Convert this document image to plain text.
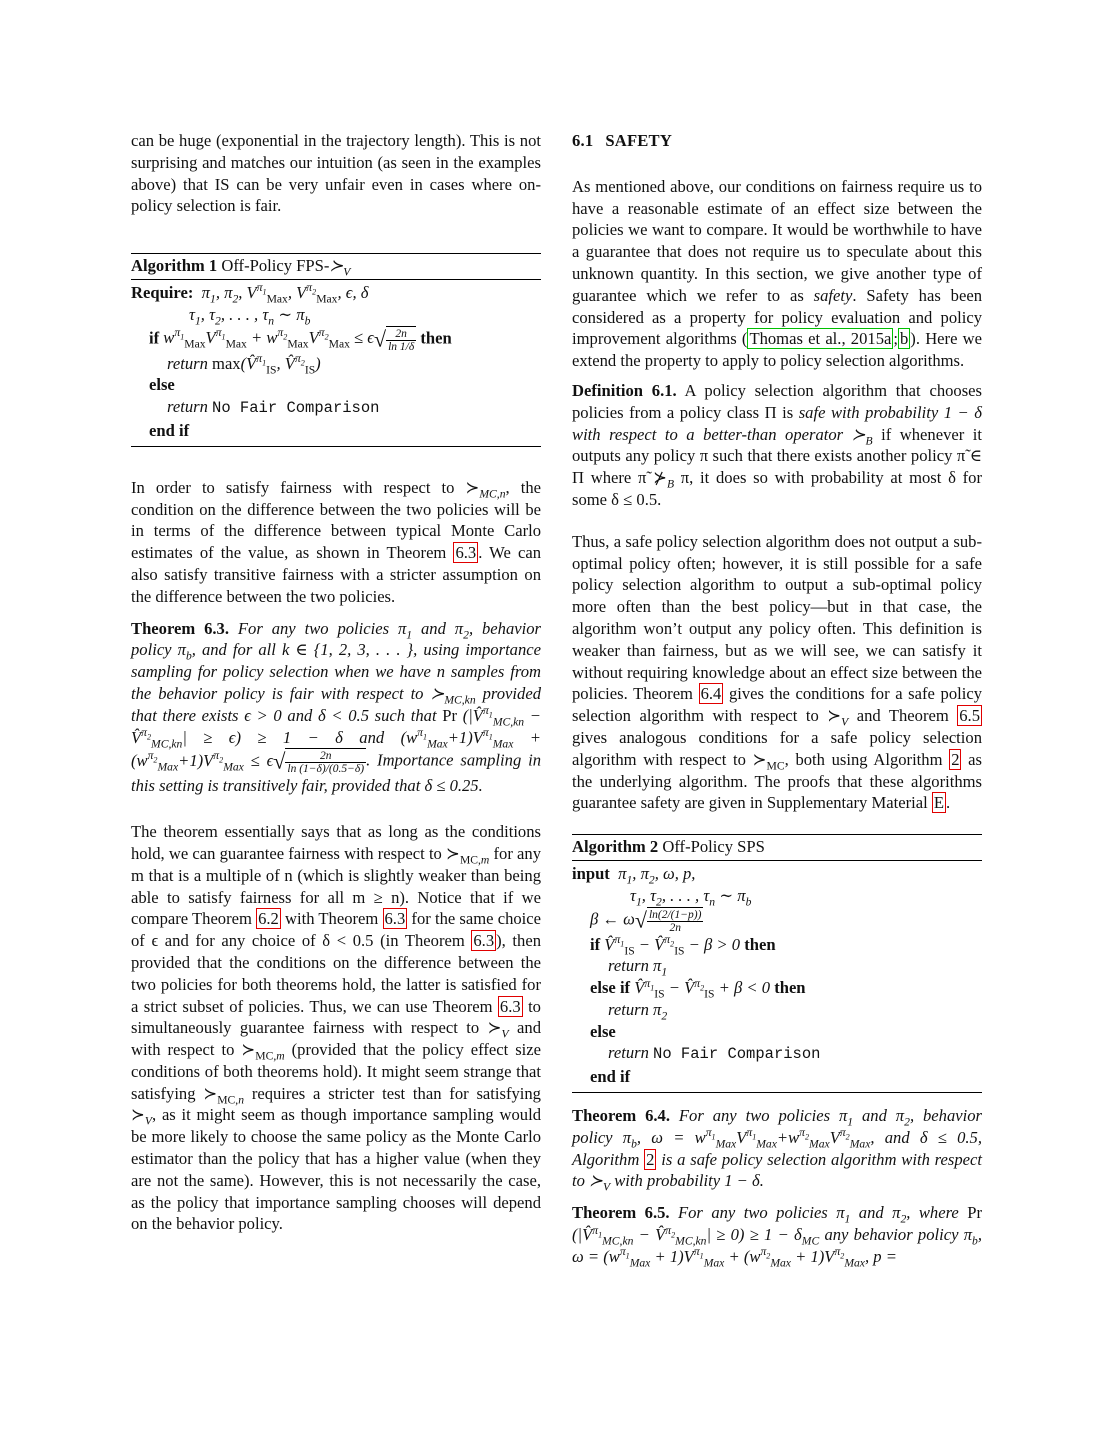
can be huge (exponential in the trajectory length). This is not surprising and matches our intuition (as seen in the examples above) that IS can be very unfair even in cases where on-policy selection is fair.

Algorithm 1 Off-Policy FPS-$≻_V$
Require:  $\pi_1$, $\pi_2$, $V^{\pi_1}_{Max}$, $V^{\pi_2}_{Max}$, ϵ, δ
$\tau_1$, $\tau_2$, . . . , $\tau_n$ ∼ $\pi_b$
if $w^{\pi_1}_{Max}V^{\pi_1}_{Max} + w^{\pi_2}_{Max}V^{\pi_2}_{Max} \le \epsilon√ \frac{2n}{\ln 1/\delta}$ then
return max(V̂$^{\pi_1}_{IS}$, V̂$^{\pi_2}_{IS}$)
else
return No Fair Comparison
end if

In order to satisfy fairness with respect to $≻_{MC,n}$, the condition on the difference between the two policies will be in terms of the difference between typical Monte Carlo estimates of the value, as shown in Theorem 6.3 . We can also satisfy transitive fairness with a stricter assumption on the difference between the two policies.

Theorem 6.3. For any two policies $\pi_1$ and $\pi_2$, behavior policy $\pi_b$, and for all k ∈ {1, 2, 3, . . . }, using importance sampling for policy selection when we have n samples from the behavior policy is fair with respect to $≻_{MC,kn}$ provided that there exists ϵ > 0 and δ < 0.5 such that Pr (|V̂$^{\pi_1}_{MC,kn}$ − V̂$^{\pi_2}_{MC,kn}$| ≥ ϵ) ≥ 1 − δ and $(w^{\pi_1}_{Max}+1)V^{\pi_1}_{Max} + (w^{\pi_2}_{Max}+1)V^{\pi_2}_{Max} \le \epsilon√ \frac{2n}{\ln (1-\delta)/(0.5-\delta)}$ . Importance sampling in this setting is transitively fair, provided that δ ≤ 0.25.

The theorem essentially says that as long as the conditions hold, we can guarantee fairness with respect to $≻_{MC,m}$ for any m that is a multiple of n (which is slightly weaker than being able to satisfy fairness for all m ≥ n). Notice that if we compare Theorem 6.2 with Theorem 6.3 for the same choice of ϵ and for any choice of δ < 0.5 (in Theorem 6.3 ), then provided that the conditions on the difference between the two policies for both theorems hold, the latter is satisfied for a strict subset of policies. Thus, we can use Theorem 6.3 to simultaneously guarantee fairness with respect to $≻_V$ and with respect to $≻_{MC,m}$ (provided that the policy effect size conditions of both theorems hold). It might seem strange that satisfying $≻_{MC,n}$ requires a stricter test than for satisfying $≻_V$, as it might seem as though importance sampling would be more likely to choose the same policy as the Monte Carlo estimator than the policy that has a higher value (when they are not the same). However, this is not necessarily the case, as the policy that importance sampling chooses will depend on the behavior policy.

6.1 SAFETY

As mentioned above, our conditions on fairness require us to have a reasonable estimate of an effect size between the policies we want to compare. It would be worthwhile to have a guarantee that does not require us to speculate about this unknown quantity. In this section, we give another type of guarantee which we refer to as safety. Safety has been considered as a property for policy evaluation and policy improvement algorithms ( Thomas et al., 2015a ; b ). Here we extend the property to apply to policy selection algorithms.

Definition 6.1. A policy selection algorithm that chooses policies from a policy class Π is safe with probability 1 − δ with respect to a better-than operator $≻_B$ if whenever it outputs any policy π such that there exists another policy π̃ ∈ Π where π̃ $⊁_B$ π, it does so with probability at most δ for some δ ≤ 0.5.

Thus, a safe policy selection algorithm does not output a sub-optimal policy often; however, it is still possible for a safe policy selection algorithm to output a sub-optimal policy more often than the best policy—but in that case, the algorithm won’t output any policy often. This definition is weaker than fairness, but as we will see, we can satisfy it without requiring knowledge about an effect size between the policies. Theorem 6.4 gives the conditions for a safe policy selection algorithm with respect to $≻_V$ and Theorem 6.5 gives analogous conditions for a safe policy selection algorithm with respect to $≻_{MC}$, both using Algorithm 2 as the underlying algorithm. The proofs that these algorithms guarantee safety are given in Supplementary Material E .

Algorithm 2 Off-Policy SPS
input  $\pi_1$, $\pi_2$, ω, p,
$\tau_1$, $\tau_2$, . . . , $\tau_n$ ∼ $\pi_b$
β ← $\omega√ \frac{\ln(2/(1-p))}{2n}$
if V̂$^{\pi_1}_{IS}$ − V̂$^{\pi_2}_{IS}$ − β > 0 then
return $\pi_1$
else if V̂$^{\pi_1}_{IS}$ − V̂$^{\pi_2}_{IS}$ + β < 0 then
return $\pi_2$
else
return No Fair Comparison
end if

Theorem 6.4. For any two policies $\pi_1$ and $\pi_2$, behavior policy $\pi_b$, $\omega = w^{\pi_1}_{Max}V^{\pi_1}_{Max}+w^{\pi_2}_{Max}V^{\pi_2}_{Max}$, and δ ≤ 0.5, Algorithm 2 is a safe policy selection algorithm with respect to $≻_V$ with probability 1 − δ.

Theorem 6.5. For any two policies $\pi_1$ and $\pi_2$, where Pr (|V̂$^{\pi_1}_{MC,kn}$ − V̂$^{\pi_2}_{MC,kn}$| ≥ $0) \ge 1 - \delta_{MC}$ any behavior policy $\pi_b$, $\omega = (w^{\pi_1}_{Max} + 1)V^{\pi_1}_{Max} + (w^{\pi_2}_{Max} + 1)V^{\pi_2}_{Max}$, p =
